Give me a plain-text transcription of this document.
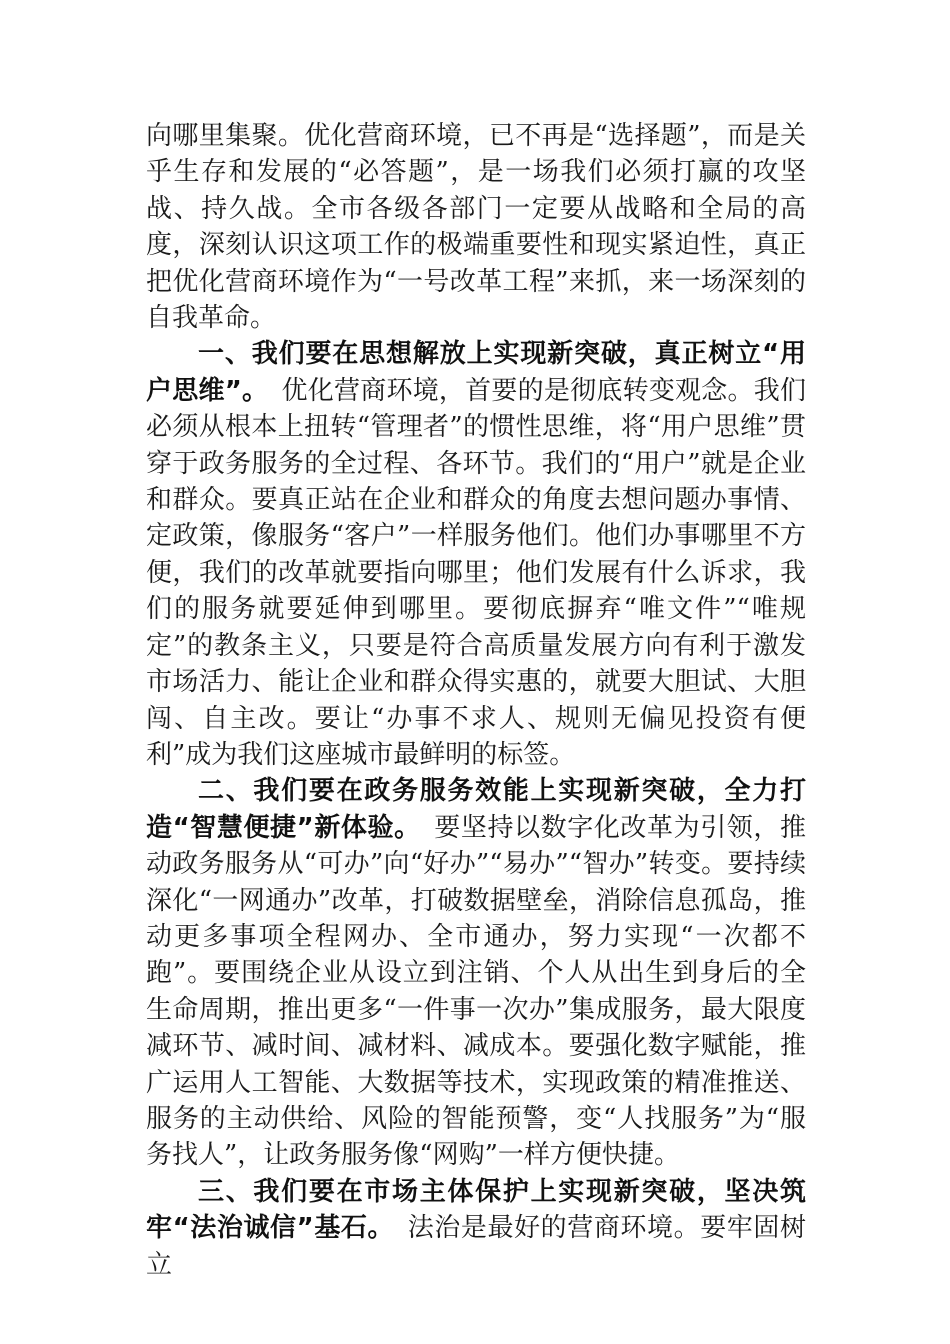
向哪里集聚。优化营商环境，已不再是“选择题”，而是关乎生存和发展的“必答题”，是一场我们必须打赢的攻坚战、持久战。全市各级各部门一定要从战略和全局的高度，深刻认识这项工作的极端重要性和现实紧迫性，真正把优化营商环境作为“一号改革工程”来抓，来一场深刻的自我革命。

一、我们要在思想解放上实现新突破，真正树立“用户思维”。 优化营商环境，首要的是彻底转变观念。我们必须从根本上扭转“管理者”的惯性思维，将“用户思维”贯穿于政务服务的全过程、各环节。我们的“用户”就是企业和群众。要真正站在企业和群众的角度去想问题办事情、定政策，像服务“客户”一样服务他们。他们办事哪里不方便，我们的改革就要指向哪里；他们发展有什么诉求，我们的服务就要延伸到哪里。要彻底摒弃“唯文件”“唯规定”的教条主义，只要是符合高质量发展方向有利于激发市场活力、能让企业和群众得实惠的，就要大胆试、大胆闯、自主改。要让“办事不求人、规则无偏见投资有便利”成为我们这座城市最鲜明的标签。

二、我们要在政务服务效能上实现新突破，全力打造“智慧便捷”新体验。 要坚持以数字化改革为引领，推动政务服务从“可办”向“好办”“易办”“智办”转变。要持续深化“一网通办”改革，打破数据壁垒，消除信息孤岛，推动更多事项全程网办、全市通办，努力实现“一次都不跑”。要围绕企业从设立到注销、个人从出生到身后的全生命周期，推出更多“一件事一次办”集成服务，最大限度减环节、减时间、减材料、减成本。要强化数字赋能，推广运用人工智能、大数据等技术，实现政策的精准推送、服务的主动供给、风险的智能预警，变“人找服务”为“服务找人”，让政务服务像“网购”一样方便快捷。

三、我们要在市场主体保护上实现新突破，坚决筑牢“法治诚信”基石。 法治是最好的营商环境。要牢固树立
